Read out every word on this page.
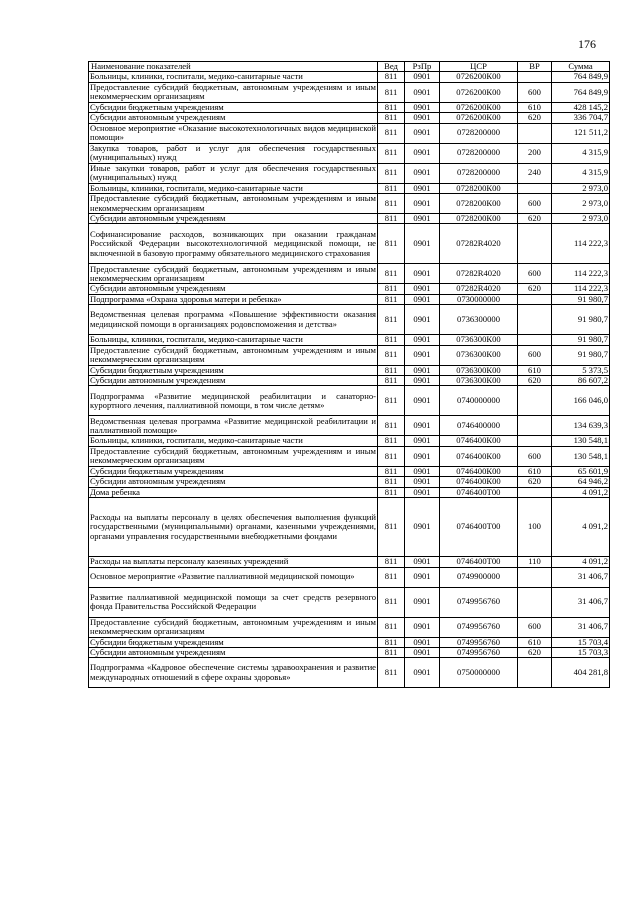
176
Наименование показателей	Вед	РзПр	ЦСР	ВР	Сумма
Больницы, клиники, госпитали, медико-санитарные части	811	0901	0726200К00		764 849,9
Предоставление субсидий бюджетным, автономным учреждениям и иным некоммерческим организациям	811	0901	0726200К00	600	764 849,9
Субсидии бюджетным учреждениям	811	0901	0726200К00	610	428 145,2
Субсидии автономным учреждениям	811	0901	0726200К00	620	336 704,7
Основное мероприятие «Оказание высокотехнологичных видов медицинской помощи»	811	0901	0728200000		121 511,2
Закупка товаров, работ и услуг для обеспечения государственных (муниципальных) нужд	811	0901	0728200000	200	4 315,9
Иные закупки товаров, работ и услуг для обеспечения государственных (муниципальных) нужд	811	0901	0728200000	240	4 315,9
Больницы, клиники, госпитали, медико-санитарные части	811	0901	0728200К00		2 973,0
Предоставление субсидий бюджетным, автономным учреждениям и иным некоммерческим организациям	811	0901	0728200К00	600	2 973,0
Субсидии автономным учреждениям	811	0901	0728200К00	620	2 973,0
Софинансирование расходов, возникающих при оказании гражданам Российской Федерации высокотехнологичной медицинской помощи, не включенной в базовую программу обязательного медицинского страхования	811	0901	07282R4020		114 222,3
Предоставление субсидий бюджетным, автономным учреждениям и иным некоммерческим организациям	811	0901	07282R4020	600	114 222,3
Субсидии автономным учреждениям	811	0901	07282R4020	620	114 222,3
Подпрограмма «Охрана здоровья матери и ребенка»	811	0901	0730000000		91 980,7
Ведомственная целевая программа «Повышение эффективности оказания медицинской помощи в организациях родовспоможения и детства»	811	0901	0736300000		91 980,7
Больницы, клиники, госпитали, медико-санитарные части	811	0901	0736300К00		91 980,7
Предоставление субсидий бюджетным, автономным учреждениям и иным некоммерческим организациям	811	0901	0736300К00	600	91 980,7
Субсидии бюджетным учреждениям	811	0901	0736300К00	610	5 373,5
Субсидии автономным учреждениям	811	0901	0736300К00	620	86 607,2
Подпрограмма «Развитие медицинской реабилитации и санаторно-курортного лечения, паллиативной помощи, в том числе детям»	811	0901	0740000000		166 046,0
Ведомственная целевая программа «Развитие медицинской реабилитации и паллиативной помощи»	811	0901	0746400000		134 639,3
Больницы, клиники, госпитали, медико-санитарные части	811	0901	0746400К00		130 548,1
Предоставление субсидий бюджетным, автономным учреждениям и иным некоммерческим организациям	811	0901	0746400К00	600	130 548,1
Субсидии бюджетным учреждениям	811	0901	0746400К00	610	65 601,9
Субсидии автономным учреждениям	811	0901	0746400К00	620	64 946,2
Дома ребенка	811	0901	0746400Т00		4 091,2
Расходы на выплаты персоналу в целях обеспечения выполнения функций государственными (муниципальными) органами, казенными учреждениями, органами управления государственными внебюджетными фондами	811	0901	0746400Т00	100	4 091,2
Расходы на выплаты персоналу казенных учреждений	811	0901	0746400Т00	110	4 091,2
Основное мероприятие «Развитие паллиативной медицинской помощи»	811	0901	0749900000		31 406,7
Развитие паллиативной медицинской помощи за счет средств резервного фонда Правительства Российской Федерации	811	0901	0749956760		31 406,7
Предоставление субсидий бюджетным, автономным учреждениям и иным некоммерческим организациям	811	0901	0749956760	600	31 406,7
Субсидии бюджетным учреждениям	811	0901	0749956760	610	15 703,4
Субсидии автономным учреждениям	811	0901	0749956760	620	15 703,3
Подпрограмма «Кадровое обеспечение системы здравоохранения и развитие международных отношений в сфере охраны здоровья»	811	0901	0750000000		404 281,8
